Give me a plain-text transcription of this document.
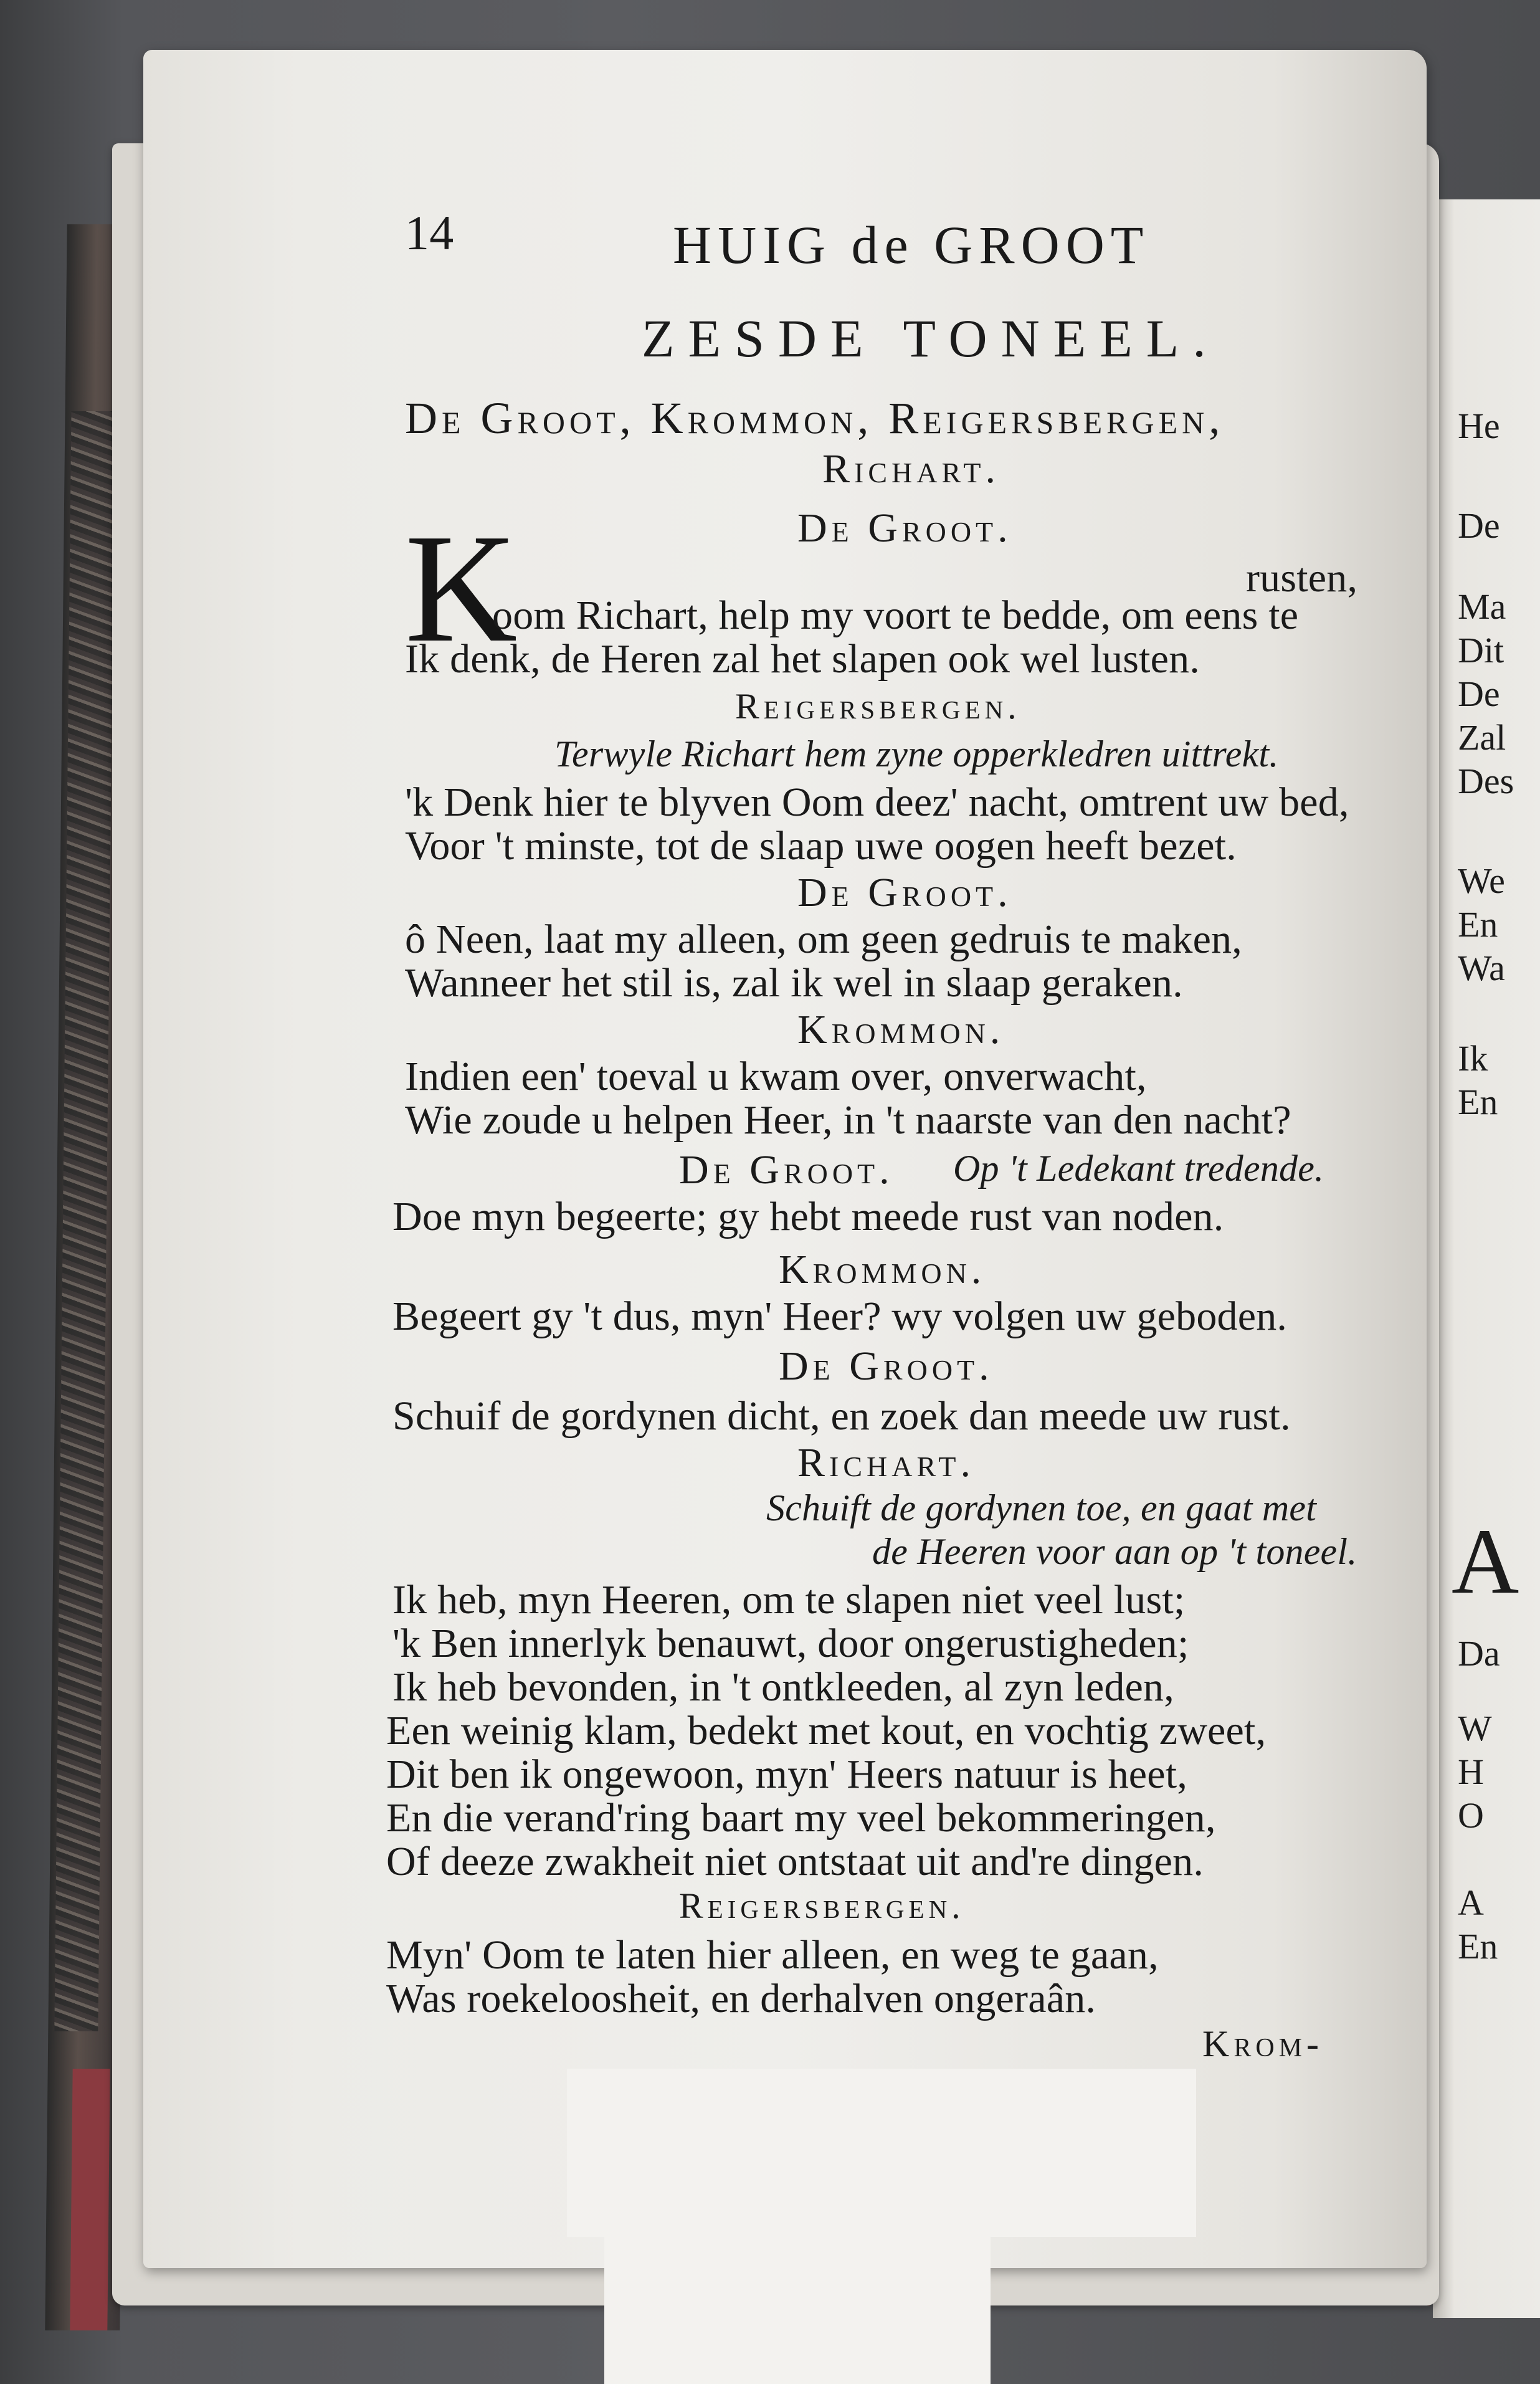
He
De
Ma
Dit
De
Zal
Des
We
En
Wa
Ik
En
A
Da
W
H
O
A
En
14	HUIG de GROOT
ZESDE TONEEL.
De Groot, Krommon, Reigersbergen,
Richart.
K	De Groot.
rusten,
oom Richart, help my voort te bedde, om eens te
Ik denk, de Heren zal het slapen ook wel lusten.
Reigersbergen.
Terwyle Richart hem zyne opperkledren uittrekt.
'k Denk hier te blyven Oom deez' nacht, omtrent uw bed,
Voor 't minste, tot de slaap uwe oogen heeft bezet.
De Groot.
ô Neen, laat my alleen, om geen gedruis te maken,
Wanneer het stil is, zal ik wel in slaap geraken.
Krommon.
Indien een' toeval u kwam over, onverwacht,
Wie zoude u helpen Heer, in 't naarste van den nacht?
De Groot. Op 't Ledekant tredende.
Doe myn begeerte; gy hebt meede rust van noden.
Krommon.
Begeert gy 't dus, myn' Heer? wy volgen uw geboden.
De Groot.
Schuif de gordynen dicht, en zoek dan meede uw rust.
Richart.
Schuift de gordynen toe, en gaat met
de Heeren voor aan op 't toneel.
Ik heb, myn Heeren, om te slapen niet veel lust;
'k Ben innerlyk benauwt, door ongerustigheden;
Ik heb bevonden, in 't ontkleeden, al zyn leden,
Een weinig klam, bedekt met kout, en vochtig zweet,
Dit ben ik ongewoon, myn' Heers natuur is heet,
En die verand'ring baart my veel bekommeringen,
Of deeze zwakheit niet ontstaat uit and're dingen.
Reigersbergen.
Myn' Oom te laten hier alleen, en weg te gaan,
Was roekeloosheit, en derhalven ongeraân.
Krom-
